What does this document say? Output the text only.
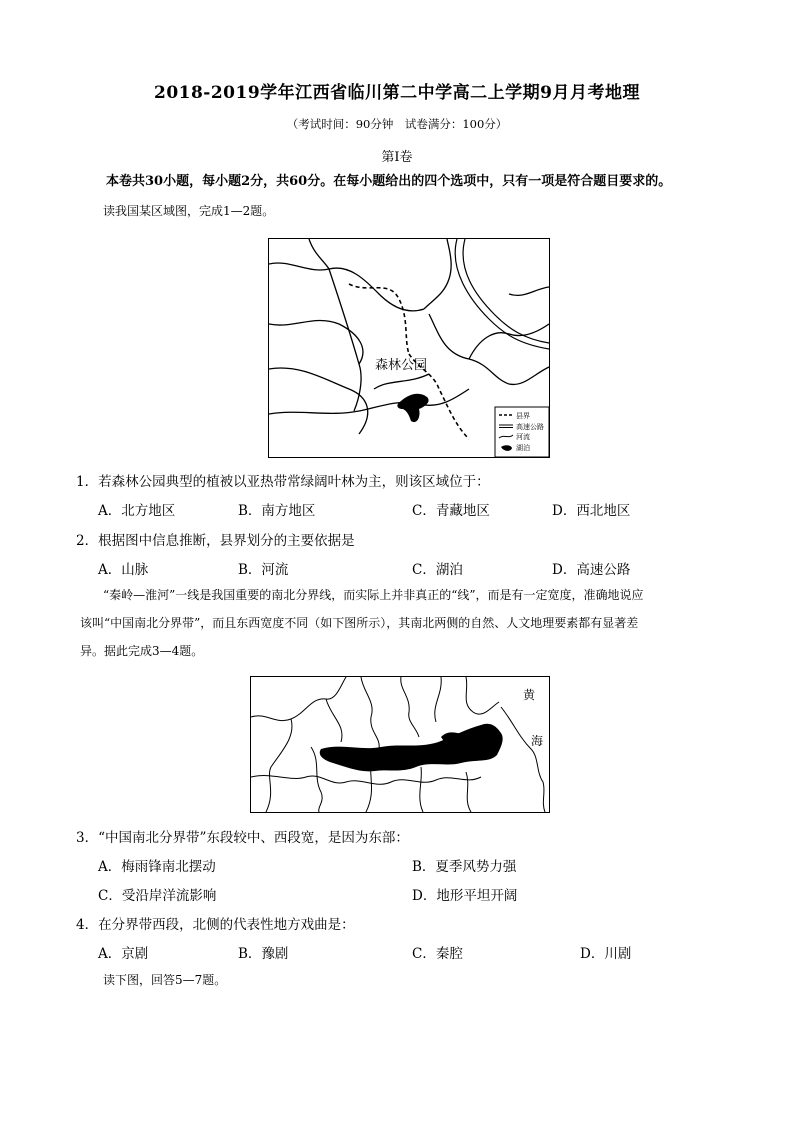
2018-2019学年江西省临川第二中学高二上学期9月月考地理
（考试时间：90分钟　试卷满分：100分）
第Ⅰ卷
本卷共30小题，每小题2分，共60分。在每小题给出的四个选项中，只有一项是符合题目要求的。
读我国某区域图，完成1—2题。
森林公园
县界
高速公路
河流
湖泊
1．若森林公园典型的植被以亚热带常绿阔叶林为主，则该区域位于：
A．北方地区	B．南方地区	C．青藏地区	D．西北地区
2．根据图中信息推断，县界划分的主要依据是
A．山脉	B．河流	C．湖泊	D．高速公路
“秦岭—淮河”一线是我国重要的南北分界线，而实际上并非真正的“线”，而是有一定宽度，准确地说应
该叫“中国南北分界带”，而且东西宽度不同（如下图所示），其南北两侧的自然、人文地理要素都有显著差
异。据此完成3—4题。
黄
海
3．“中国南北分界带”东段较中、西段宽，是因为东部：
A．梅雨锋南北摆动	B．夏季风势力强
C．受沿岸洋流影响	D．地形平坦开阔
4．在分界带西段，北侧的代表性地方戏曲是：
A．京剧	B．豫剧	C．秦腔	D．川剧
读下图，回答5—7题。
